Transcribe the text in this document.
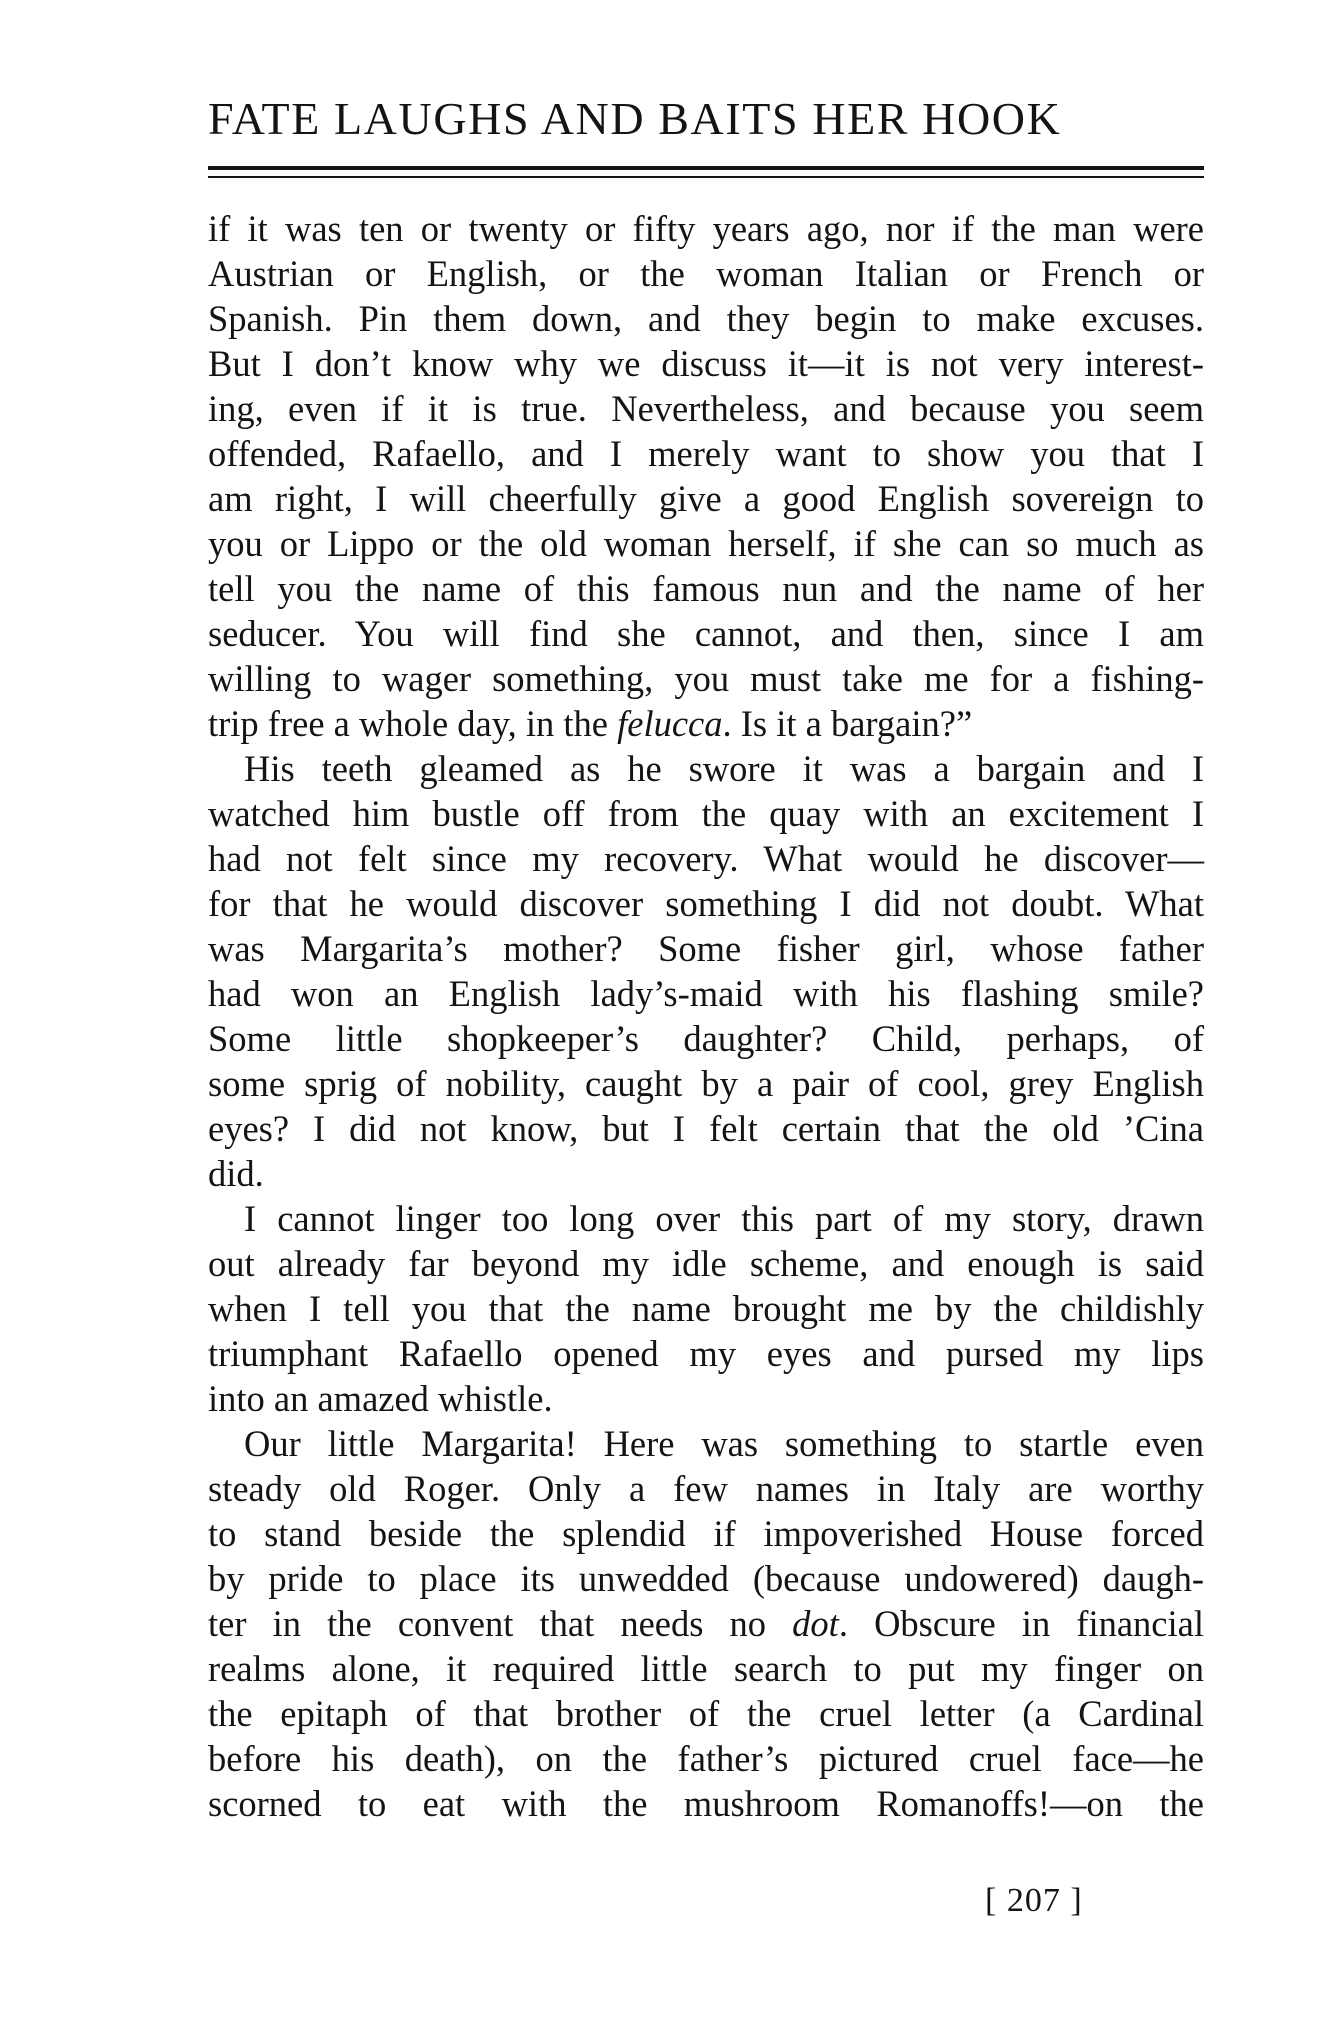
FATE LAUGHS AND BAITS HER HOOK
if it was ten or twenty or fifty years ago, nor if the man were
Austrian or English, or the woman Italian or French or
Spanish. Pin them down, and they begin to make excuses.
But I don’t know why we discuss it—it is not very interest-
ing, even if it is true. Nevertheless, and because you seem
offended, Rafaello, and I merely want to show you that I
am right, I will cheerfully give a good English sovereign to
you or Lippo or the old woman herself, if she can so much as
tell you the name of this famous nun and the name of her
seducer. You will find she cannot, and then, since I am
willing to wager something, you must take me for a fishing-
trip free a whole day, in the felucca. Is it a bargain?”
His teeth gleamed as he swore it was a bargain and I
watched him bustle off from the quay with an excitement I
had not felt since my recovery. What would he discover—
for that he would discover something I did not doubt. What
was Margarita’s mother? Some fisher girl, whose father
had won an English lady’s-maid with his flashing smile?
Some little shopkeeper’s daughter? Child, perhaps, of
some sprig of nobility, caught by a pair of cool, grey English
eyes? I did not know, but I felt certain that the old ’Cina
did.
I cannot linger too long over this part of my story, drawn
out already far beyond my idle scheme, and enough is said
when I tell you that the name brought me by the childishly
triumphant Rafaello opened my eyes and pursed my lips
into an amazed whistle.
Our little Margarita! Here was something to startle even
steady old Roger. Only a few names in Italy are worthy
to stand beside the splendid if impoverished House forced
by pride to place its unwedded (because undowered) daugh-
ter in the convent that needs no dot. Obscure in financial
realms alone, it required little search to put my finger on
the epitaph of that brother of the cruel letter (a Cardinal
before his death), on the father’s pictured cruel face—he
scorned to eat with the mushroom Romanoffs!—on the
[ 207 ]
